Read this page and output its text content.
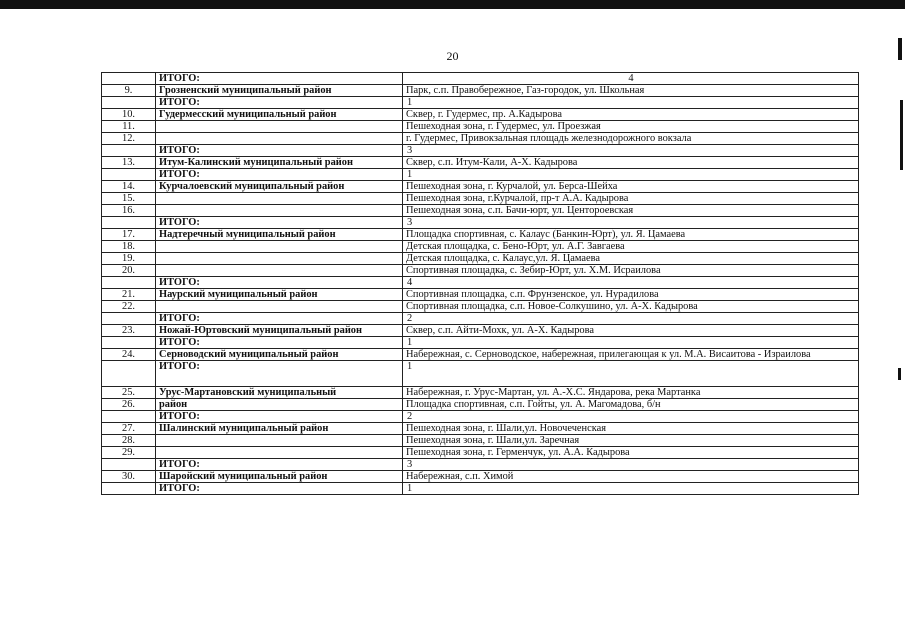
20
	ИТОГО:	4
9.	Грозненский муниципальный район	Парк, с.п. Правобережное, Газ-городок, ул. Школьная
	ИТОГО:	1
10.	Гудермесский муниципальный район	Сквер, г. Гудермес, пр. А.Кадырова
11.		Пешеходная зона, г. Гудермес, ул. Проезжая
12.		г. Гудермес, Привокзальная площадь железнодорожного вокзала
	ИТОГО:	3
13.	Итум-Калинский муниципальный район	Сквер, с.п. Итум-Кали, А-Х. Кадырова
	ИТОГО:	1
14.	Курчалоевский муниципальный район	Пешеходная зона, г. Курчалой, ул. Берса-Шейха
15.		Пешеходная зона, г.Курчалой, пр-т А.А. Кадырова
16.		Пешеходная зона, с.п. Бачи-юрт, ул. Центороевская
	ИТОГО:	3
17.	Надтеречный муниципальный район	Площадка спортивная, с. Калаус (Банкин-Юрт), ул. Я. Цамаева
18.		Детская площадка, с. Бено-Юрт, ул. А.Г. Завгаева
19.		Детская площадка, с. Калаус,ул. Я. Цамаева
20.		Спортивная площадка, с. Зебир-Юрт, ул. Х.М. Исраилова
	ИТОГО:	4
21.	Наурский муниципальный район	Спортивная площадка, с.п. Фрунзенское, ул. Нурадилова
22.		Спортивная площадка, с.п. Новое-Солкушино, ул. А-Х. Кадырова
	ИТОГО:	2
23.	Ножай-Юртовский муниципальный район	Сквер, с.п. Айти-Мохк, ул. А-Х. Кадырова
	ИТОГО:	1
24.	Серноводский муниципальный район	Набережная, с. Серноводское, набережная, прилегающая к ул. М.А. Висаитова - Израилова
	ИТОГО:	1
25.	Урус-Мартановский муниципальный	Набережная, г. Урус-Мартан, ул. А.-Х.С. Яндарова, река Мартанка
26.	район	Площадка спортивная, с.п. Гойты, ул. А. Магомадова, б/н
	ИТОГО:	2
27.	Шалинский муниципальный район	Пешеходная зона, г. Шали,ул. Новочеченская
28.		Пешеходная зона, г. Шали,ул. Заречная
29.		Пешеходная зона, г. Герменчук, ул. А.А. Кадырова
	ИТОГО:	3
30.	Шаройский муниципальный район	Набережная, с.п. Химой
	ИТОГО:	1
